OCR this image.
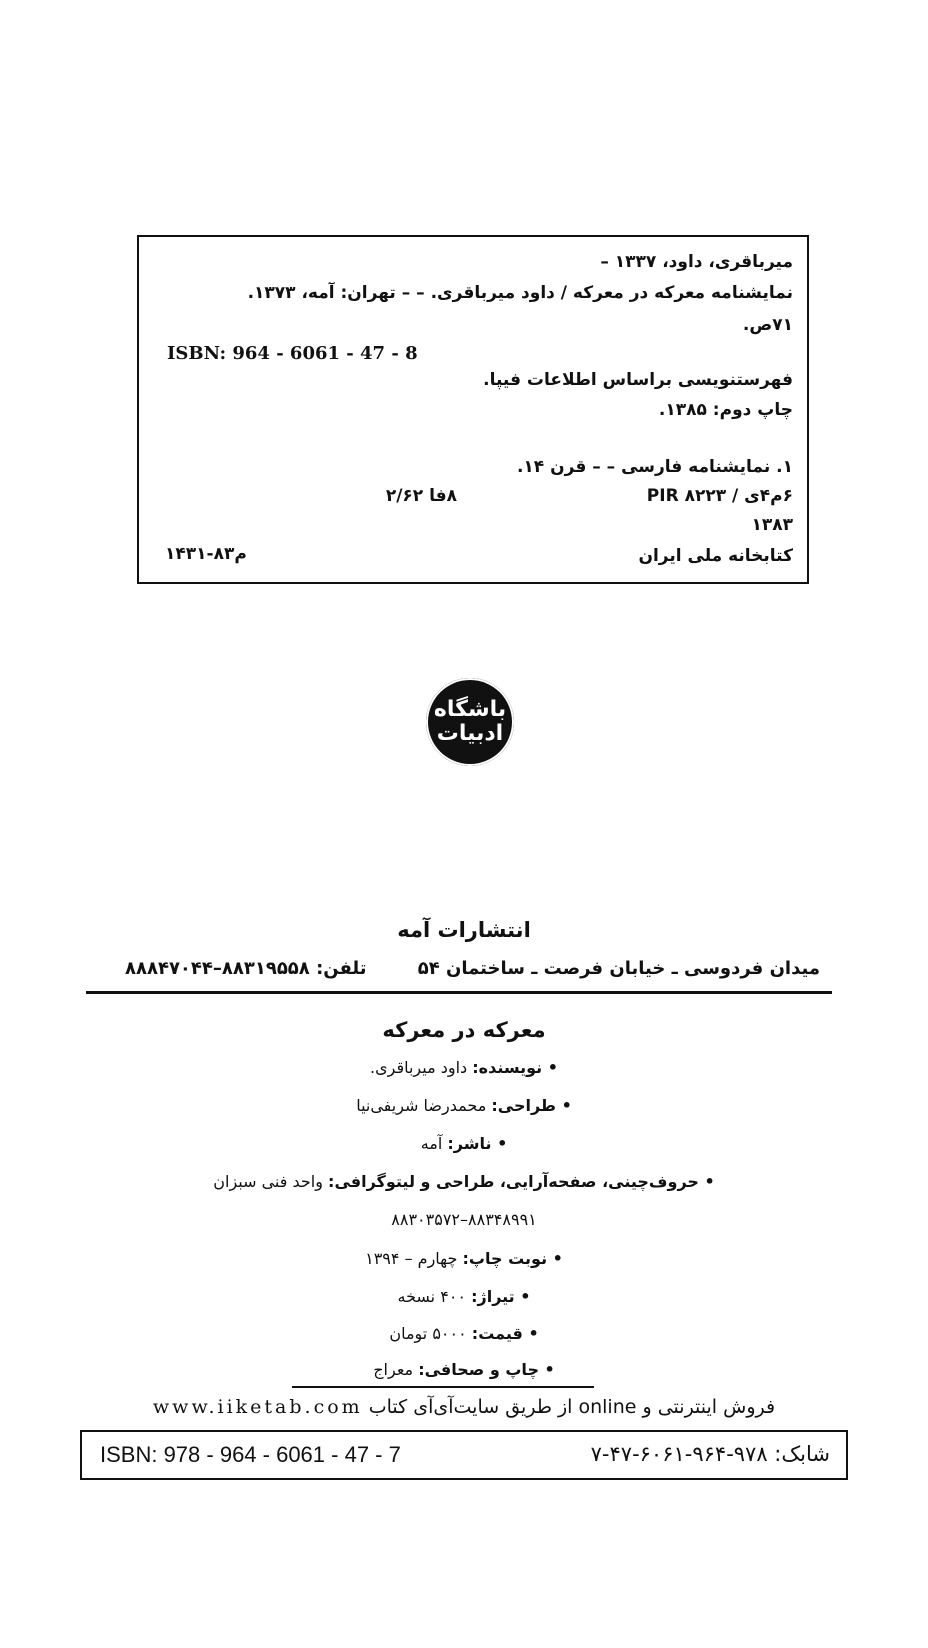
میرباقری، داود، ۱۳۳۷ –
نمایشنامه معرکه در معرکه / داود میرباقری. – – تهران: آمه، ۱۳۷۳.
۷۱ص.
ISBN: 964 - 6061 - 47 - 8
فهرستنویسی براساس اطلاعات فیپا.
چاپ دوم: ۱۳۸۵.
۱. نمایشنامه فارسی – – قرن ۱۴.
۶م۴ی / PIR ۸۲۲۳
۸فا ۲/۶۲
۱۳۸۳
کتابخانه ملی ایران
م۸۳-۱۴۳۱
باشگاه
ادبیات
انتشارات آمه
میدان فردوسی ـ خیابان فرصت ـ ساختمان ۵۴
تلفن: ۸۸۳۱۹۵۵۸–۸۸۸۴۷۰۴۴
معرکه در معرکه
• نویسنده: داود میرباقری.
• طراحی: محمدرضا شریفی‌نیا
• ناشر: آمه
• حروف‌چینی، صفحه‌آرایی، طراحی و لیتوگرافی: واحد فنی سبزان
۸۸۳۴۸۹۹۱–۸۸۳۰۳۵۷۲
• نوبت چاپ: چهارم – ۱۳۹۴
• تیراژ: ۴۰۰ نسخه
• قیمت: ۵۰۰۰ تومان
• چاپ و صحافی: معراج
فروش اینترنتی و online از طریق سایت‌آی‌آی کتاب www.iiketab.com
ISBN: 978 - 964 - 6061 - 47 - 7	شابک: ۹۷۸-۹۶۴-۶۰۶۱-۴۷-۷
